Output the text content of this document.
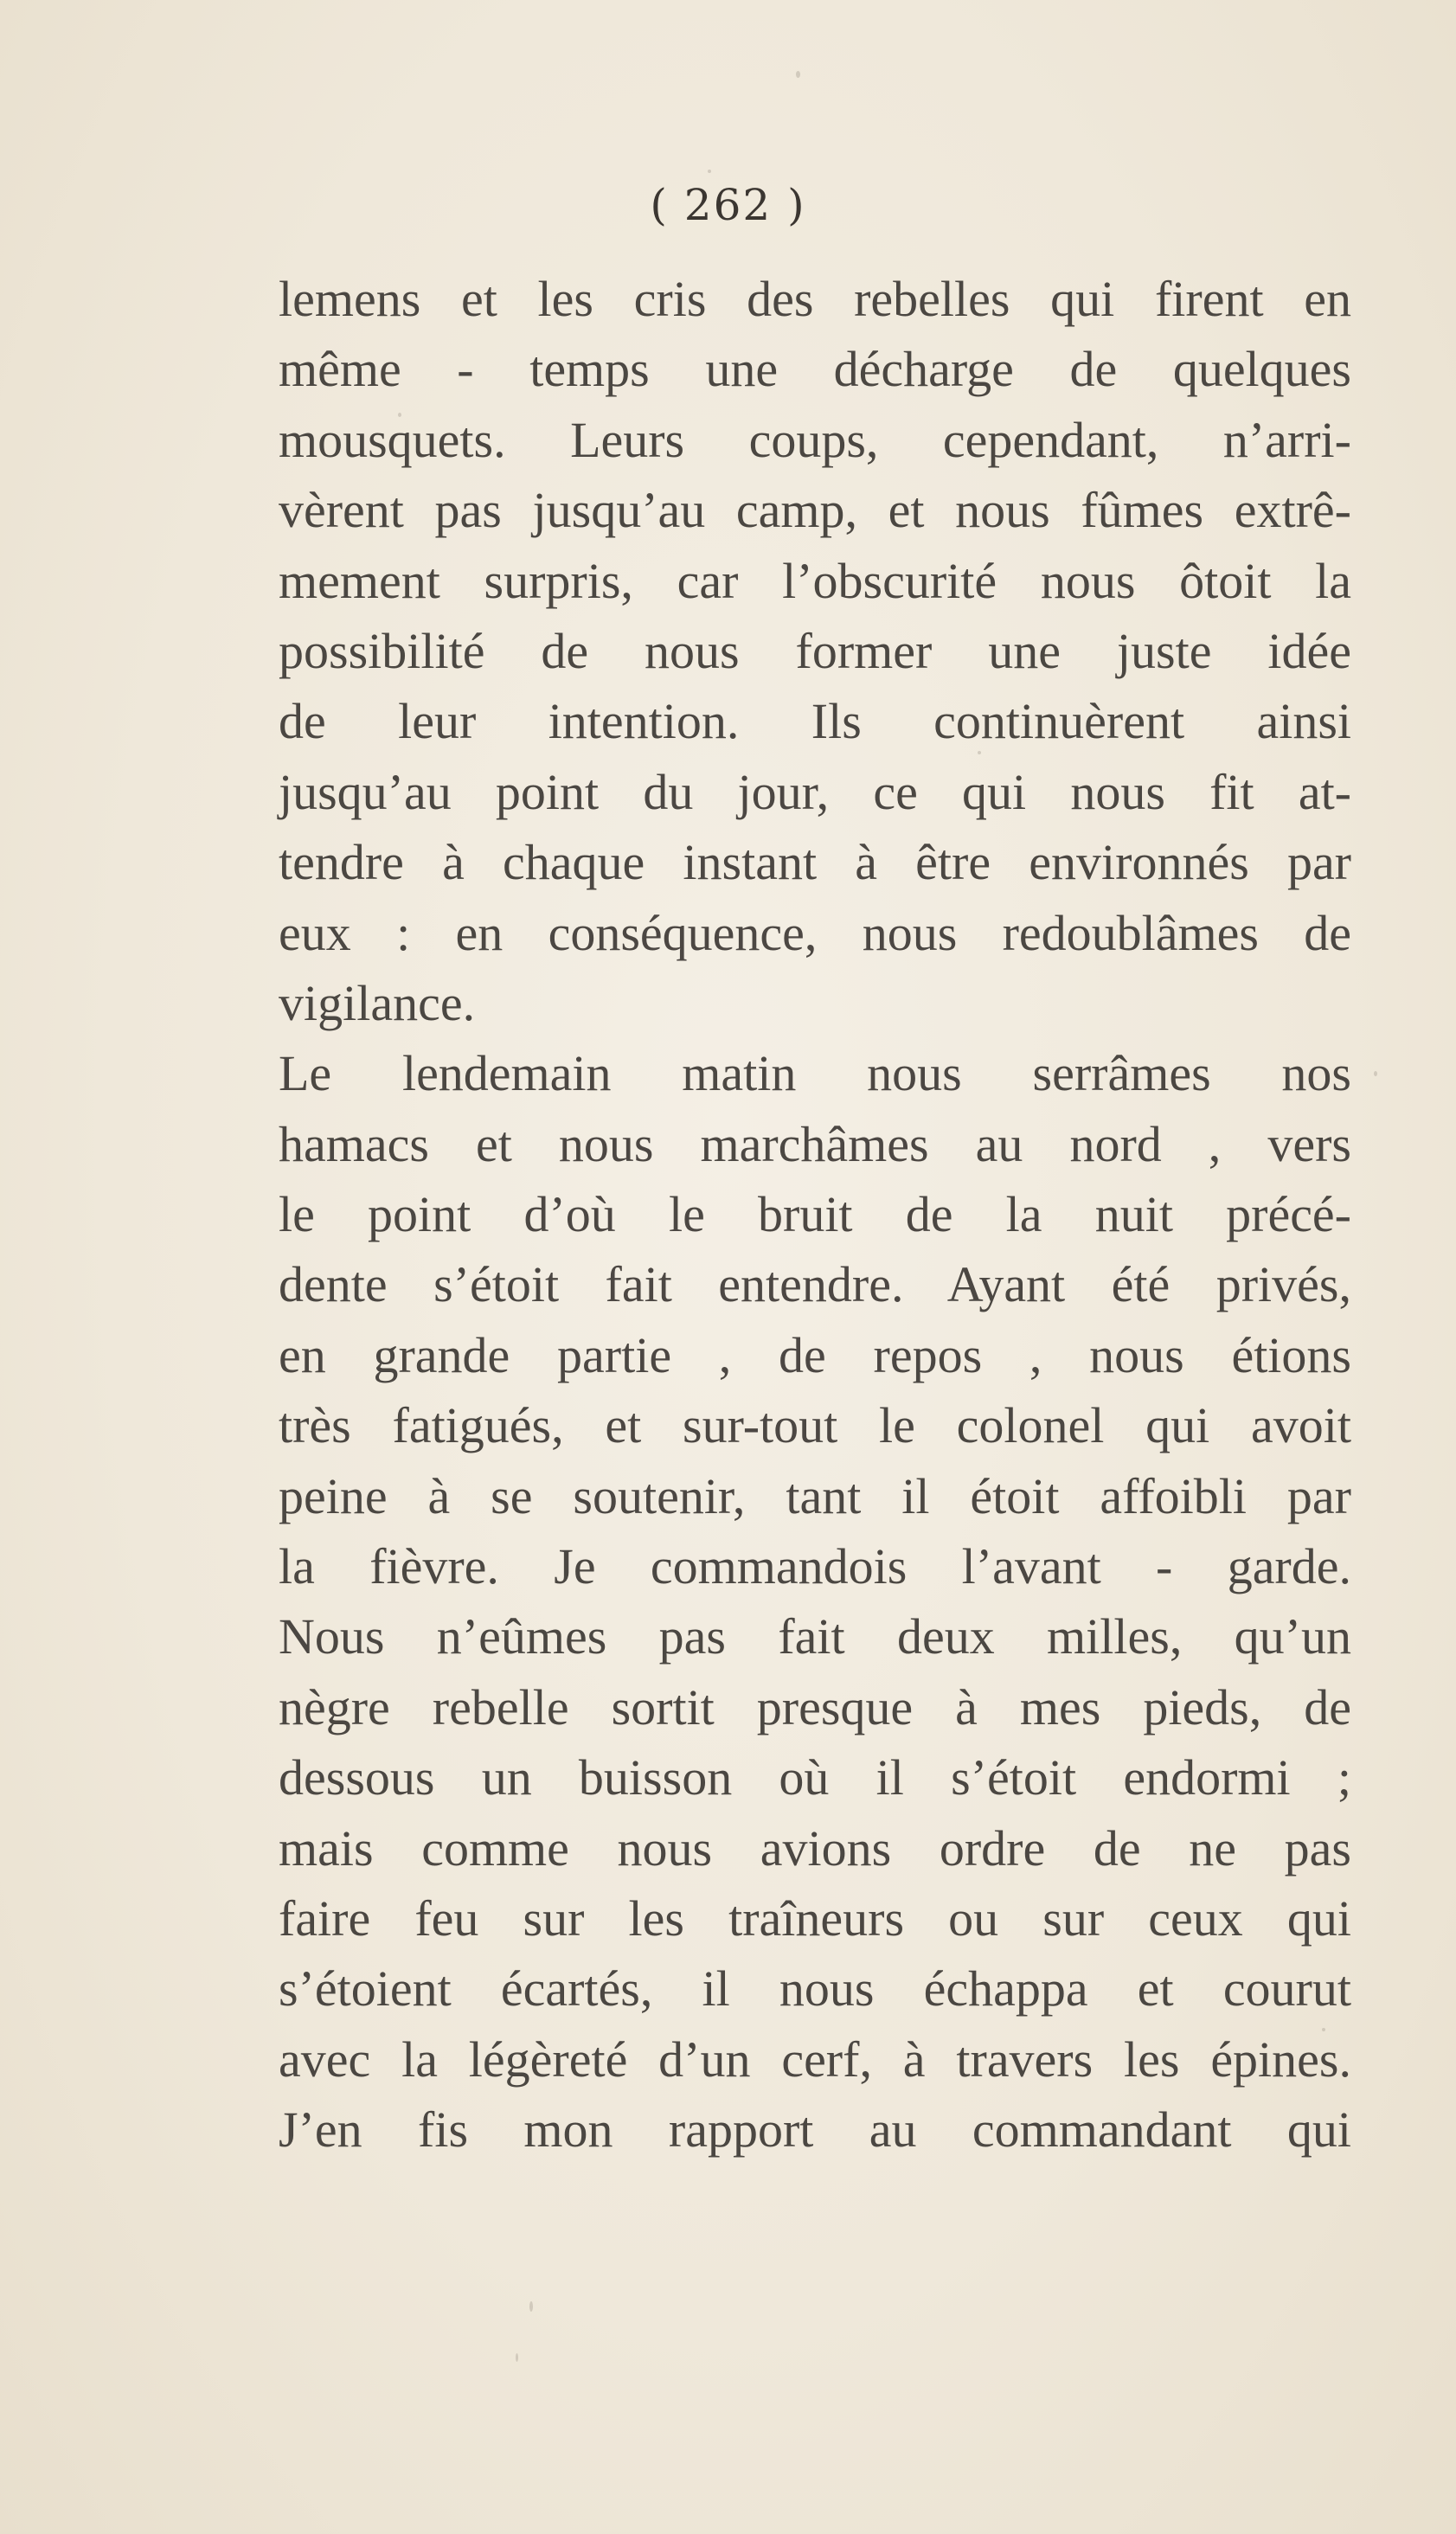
( 262 )
lemens et les cris des rebelles qui firent en
même - temps une décharge de quelques
mousquets. Leurs coups, cependant, n’arri-
vèrent pas jusqu’au camp, et nous fûmes extrê-
mement surpris, car l’obscurité nous ôtoit la
possibilité de nous former une juste idée
de leur intention. Ils continuèrent ainsi
jusqu’au point du jour, ce qui nous fit at-
tendre à chaque instant à être environnés par
eux : en conséquence, nous redoublâmes de
vigilance.
Le lendemain matin nous serrâmes nos
hamacs et nous marchâmes au nord , vers
le point d’où le bruit de la nuit précé-
dente s’étoit fait entendre. Ayant été privés,
en grande partie , de repos , nous étions
très fatigués, et sur-tout le colonel qui avoit
peine à se soutenir, tant il étoit affoibli par
la fièvre. Je commandois l’avant - garde.
Nous n’eûmes pas fait deux milles, qu’un
nègre rebelle sortit presque à mes pieds, de
dessous un buisson où il s’étoit endormi ;
mais comme nous avions ordre de ne pas
faire feu sur les traîneurs ou sur ceux qui
s’étoient écartés, il nous échappa et courut
avec la légèreté d’un cerf, à travers les épines.
J’en fis mon rapport au commandant qui
